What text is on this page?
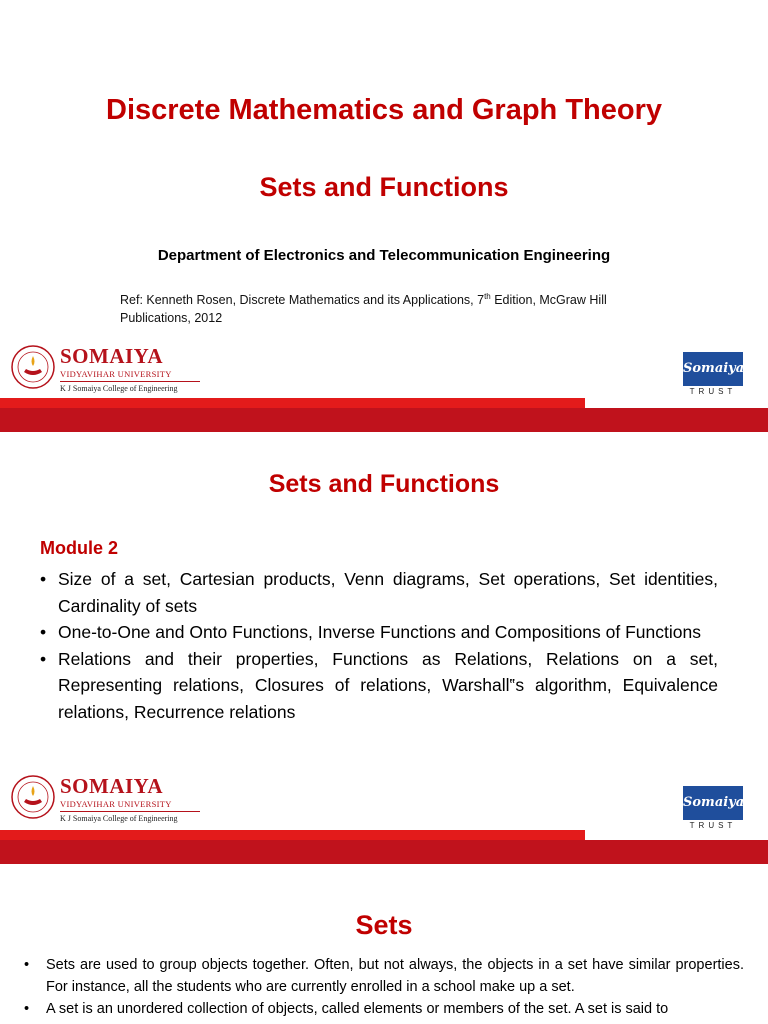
Discrete Mathematics and Graph Theory
Sets and Functions
Department of Electronics and Telecommunication Engineering
Ref: Kenneth Rosen, Discrete Mathematics and its Applications, 7th Edition, McGraw Hill
Publications, 2012
SOMAIYA
VIDYAVIHAR UNIVERSITY
K J Somaiya College of Engineering
Somaiya
TRUST
Sets and Functions
Module 2
• Size of a set, Cartesian products, Venn diagrams, Set operations, Set identities, Cardinality of sets
• One-to-One and Onto Functions, Inverse Functions and Compositions of Functions
• Relations and their properties, Functions as Relations, Relations on a set, Representing relations, Closures of relations, Warshall‟s algorithm, Equivalence relations, Recurrence relations
SOMAIYA
VIDYAVIHAR UNIVERSITY
K J Somaiya College of Engineering
Somaiya
TRUST
Sets
• Sets are used to group objects together. Often, but not always, the objects in a set have similar properties. For instance, all the students who are currently enrolled in a school make up a set.
• A set is an unordered collection of objects, called elements or members of the set. A set is said to
